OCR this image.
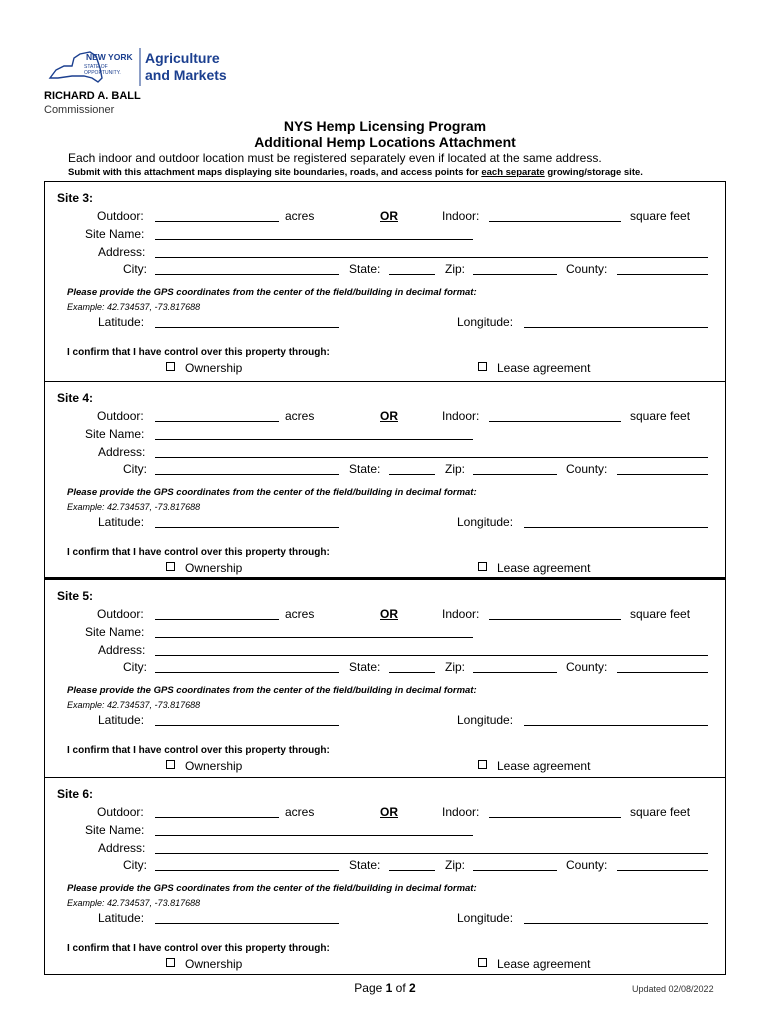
NEW YORK
STATE OF
OPPORTUNITY.
Agriculture
and Markets
RICHARD A. BALL
Commissioner
NYS Hemp Licensing Program
Additional Hemp Locations Attachment
Each indoor and outdoor location must be registered separately even if located at the same address.
Submit with this attachment maps displaying site boundaries, roads, and access points for each separate growing/storage site.
Site 3:
Outdoor:	acres	OR	Indoor:	square feet
Site Name:
Address:
City:	State:	Zip:	County:
Please provide the GPS coordinates from the center of the field/building in decimal format:
Example: 42.734537, -73.817688
Latitude:	Longitude:
I confirm that I have control over this property through:
Ownership	Lease agreement
Site 4:
Outdoor:	acres	OR	Indoor:	square feet
Site Name:
Address:
City:	State:	Zip:	County:
Please provide the GPS coordinates from the center of the field/building in decimal format:
Example: 42.734537, -73.817688
Latitude:	Longitude:
I confirm that I have control over this property through:
Ownership	Lease agreement
Site 5:
Outdoor:	acres	OR	Indoor:	square feet
Site Name:
Address:
City:	State:	Zip:	County:
Please provide the GPS coordinates from the center of the field/building in decimal format:
Example: 42.734537, -73.817688
Latitude:	Longitude:
I confirm that I have control over this property through:
Ownership	Lease agreement
Site 6:
Outdoor:	acres	OR	Indoor:	square feet
Site Name:
Address:
City:	State:	Zip:	County:
Please provide the GPS coordinates from the center of the field/building in decimal format:
Example: 42.734537, -73.817688
Latitude:	Longitude:
I confirm that I have control over this property through:
Ownership	Lease agreement
Page 1 of 2	Updated 02/08/2022
